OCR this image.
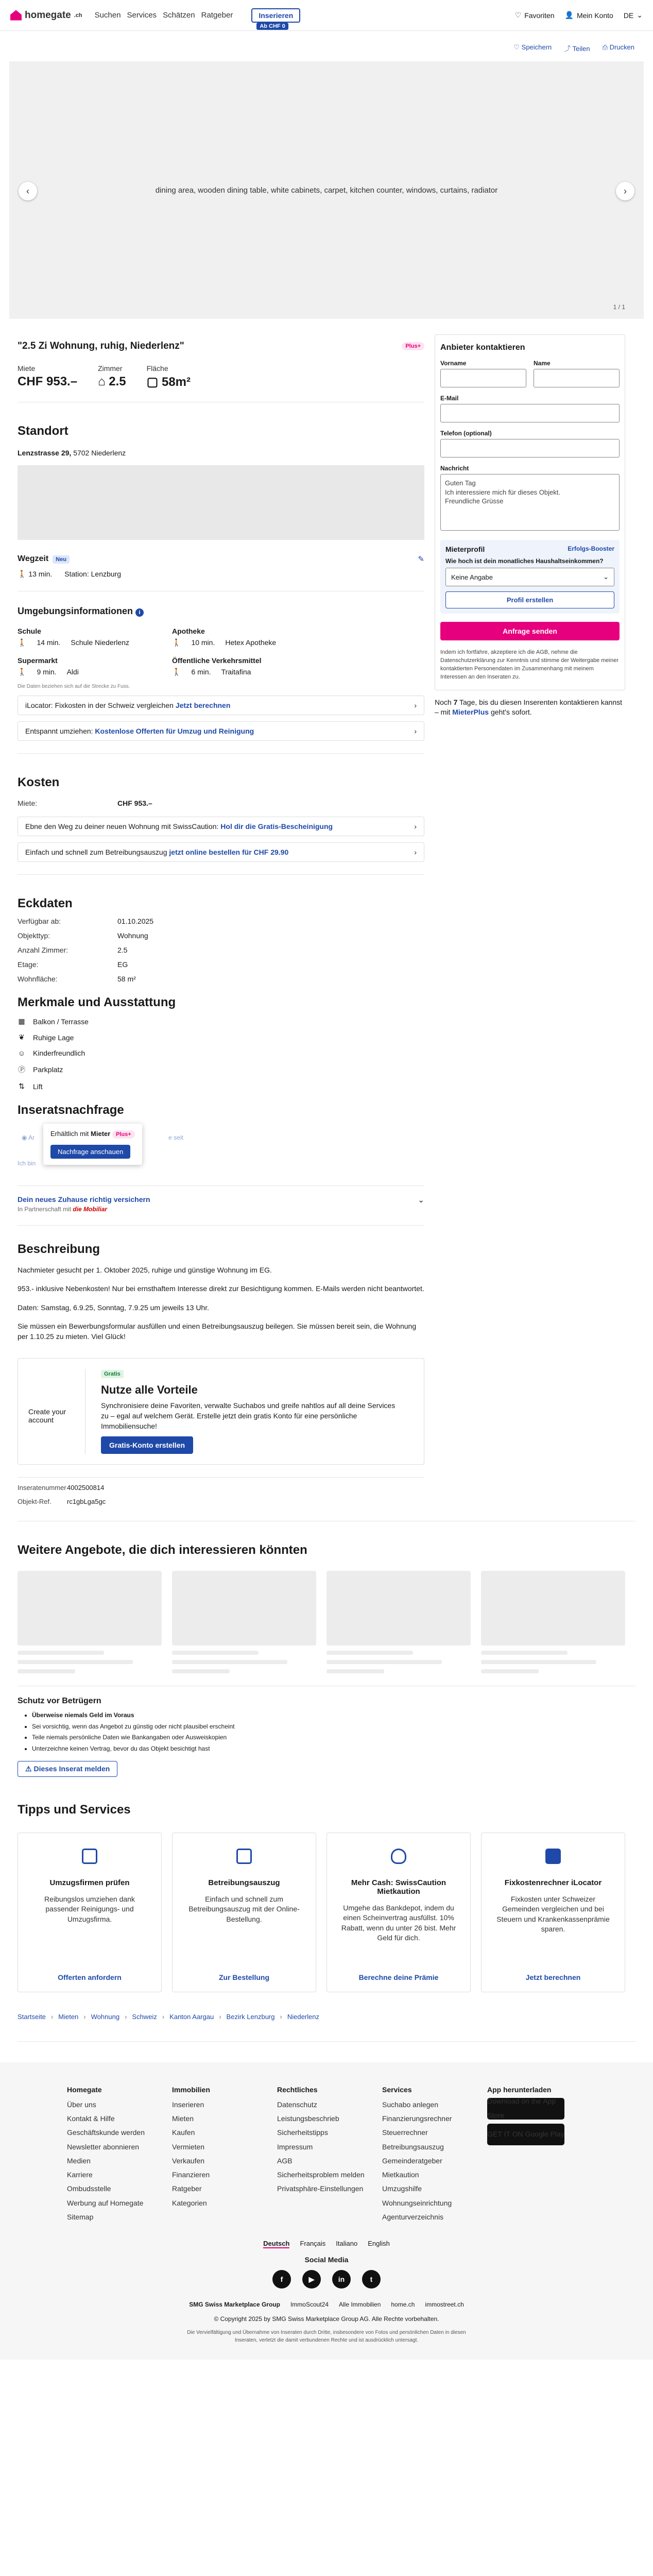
homegate .ch Suchen Services Schätzen Ratgeber	Inserieren
Ab CHF 0
♡ Favoriten 👤 Mein Konto DE ⌄
♡ Speichern ⤴ Teilen ⎙ Drucken
dining area, wooden dining table, white cabinets, carpet, kitchen counter, windows, curtains, radiator
‹	›
1 / 1
"2.5 Zi Wohnung, ruhig, Niederlenz"	Plus+
Miete
CHF 953.–
Zimmer
⌂ 2.5
Fläche
▢ 58m²
Standort
Lenzstrasse 29, 5702 Niederlenz
Wegzeit Neu	✎
🚶 13 min. Station: Lenzburg
Umgebungsinformationen i
Schule
🚶 14 min. Schule Niederlenz
Apotheke
🚶 10 min. Hetex Apotheke
Supermarkt
🚶 9 min. Aldi
Öffentliche Verkehrsmittel
🚶 6 min. Traitafina
Die Daten beziehen sich auf die Strecke zu Fuss.
iLocator: Fixkosten in der Schweiz vergleichen Jetzt berechnen	›
Entspannt umziehen: Kostenlose Offerten für Umzug und Reinigung	›
Kosten
Miete:	CHF 953.–
Ebne den Weg zu deiner neuen Wohnung mit SwissCaution: Hol dir die Gratis-Bescheinigung	›
Einfach und schnell zum Betreibungsauszug jetzt online bestellen für CHF 29.90	›
Eckdaten
Verfügbar ab:	01.10.2025
Objekttyp:	Wohnung
Anzahl Zimmer:	2.5
Etage:	EG
Wohnfläche:	58 m²
Merkmale und Ausstattung
▦ Balkon / Terrasse
❦ Ruhige Lage
☺ Kinderfreundlich
Ⓟ Parkplatz
⇅ Lift
Inseratsnachfrage
◉ Ar	e seit
Ich bin
Erhältlich mit Mieter Plus+
Nachfrage anschauen
Dein neues Zuhause richtig versichern
In Partnerschaft mit die Mobiliar
⌄
Beschreibung

Nachmieter gesucht per 1. Oktober 2025, ruhige und günstige Wohnung im EG.

953.- inklusive Nebenkosten! Nur bei ernsthaftem Interesse direkt zur Besichtigung kommen. E-Mails werden nicht beantwortet.

Daten: Samstag, 6.9.25, Sonntag, 7.9.25 um jeweils 13 Uhr.

Sie müssen ein Bewerbungsformular ausfüllen und einen Betreibungsauszug beilegen. Sie müssen bereit sein, die Wohnung per 1.10.25 zu mieten. Viel Glück!

Create your account
Gratis
Nutze alle Vorteile

Synchronisiere deine Favoriten, verwalte Suchabos und greife nahtlos auf all deine Services zu – egal auf welchem Gerät. Erstelle jetzt dein gratis Konto für eine persönliche Immobiliensuche!

Gratis-Konto erstellen
Inseratenummer 4002500814
Objekt-Ref.	rc1gbLga5gc
Anbieter kontaktieren
Vorname	Name
E-Mail
Telefon (optional)
Nachricht
Guten Tag
Ich interessiere mich für dieses Objekt.
Freundliche Grüsse
Mieterprofil	Erfolgs-Booster
Wie hoch ist dein monatliches Haushaltseinkommen?
Keine Angabe	⌄
Profil erstellen
Anfrage senden
Indem ich fortfahre, akzeptiere ich die AGB, nehme die Datenschutzerklärung zur Kenntnis und stimme der Weitergabe meiner kontaktierten Personendaten im Zusammenhang mit meinem Interessen an den Inseraten zu.
Noch 7 Tage, bis du diesen Inserenten kontaktieren kannst – mit MieterPlus geht's sofort.
Weitere Angebote, die dich interessieren könnten
Schutz vor Betrügern
• Überweise niemals Geld im Voraus
• Sei vorsichtig, wenn das Angebot zu günstig oder nicht plausibel erscheint
• Teile niemals persönliche Daten wie Bankangaben oder Ausweiskopien
• Unterzeichne keinen Vertrag, bevor du das Objekt besichtigt hast
⚠ Dieses Inserat melden
Tipps und Services
Umzugsfirmen prüfen

Reibungslos umziehen dank passender Reinigungs- und Umzugsfirma.

Offerten anfordern
Betreibungsauszug

Einfach und schnell zum Betreibungsauszug mit der Online-Bestellung.

Zur Bestellung
Mehr Cash: SwissCaution Mietkaution

Umgehe das Bankdepot, indem du einen Scheinvertrag ausfüllst. 10% Rabatt, wenn du unter 26 bist. Mehr Geld für dich.

Berechne deine Prämie
Fixkostenrechner iLocator

Fixkosten unter Schweizer Gemeinden vergleichen und bei Steuern und Krankenkassenprämie sparen.

Jetzt berechnen
Startseite › Mieten › Wohnung › Schweiz › Kanton Aargau › Bezirk Lenzburg › Niederlenz
Homegate
Über uns
Kontakt & Hilfe
Geschäftskunde werden
Newsletter abonnieren
Medien
Karriere
Ombudsstelle
Werbung auf Homegate
Sitemap
Immobilien
Inserieren
Mieten
Kaufen
Vermieten
Verkaufen
Finanzieren
Ratgeber
Kategorien
Rechtliches
Datenschutz
Leistungsbeschrieb
Sicherheitstipps
Impressum
AGB
Sicherheitsproblem melden
Privatsphäre-Einstellungen
Services
Suchabo anlegen
Finanzierungsrechner
Steuerrechner
Betreibungsauszug
Gemeinderatgeber
Mietkaution
Umzugshilfe
Wohnungseinrichtung
Agenturverzeichnis
App herunterladen
Download on the App Store
GET IT ON Google Play
Deutsch Français Italiano English
Social Media
f	▶	in	t
SMG Swiss Marketplace Group ImmoScout24 Alle Immobilien home.ch immostreet.ch
© Copyright 2025 by SMG Swiss Marketplace Group AG. Alle Rechte vorbehalten.
Die Vervielfältigung und Übernahme von Inseraten durch Dritte, insbesondere von Fotos und persönlichen Daten in diesen Inseraten, verletzt die damit verbundenen Rechte und ist ausdrücklich untersagt.
